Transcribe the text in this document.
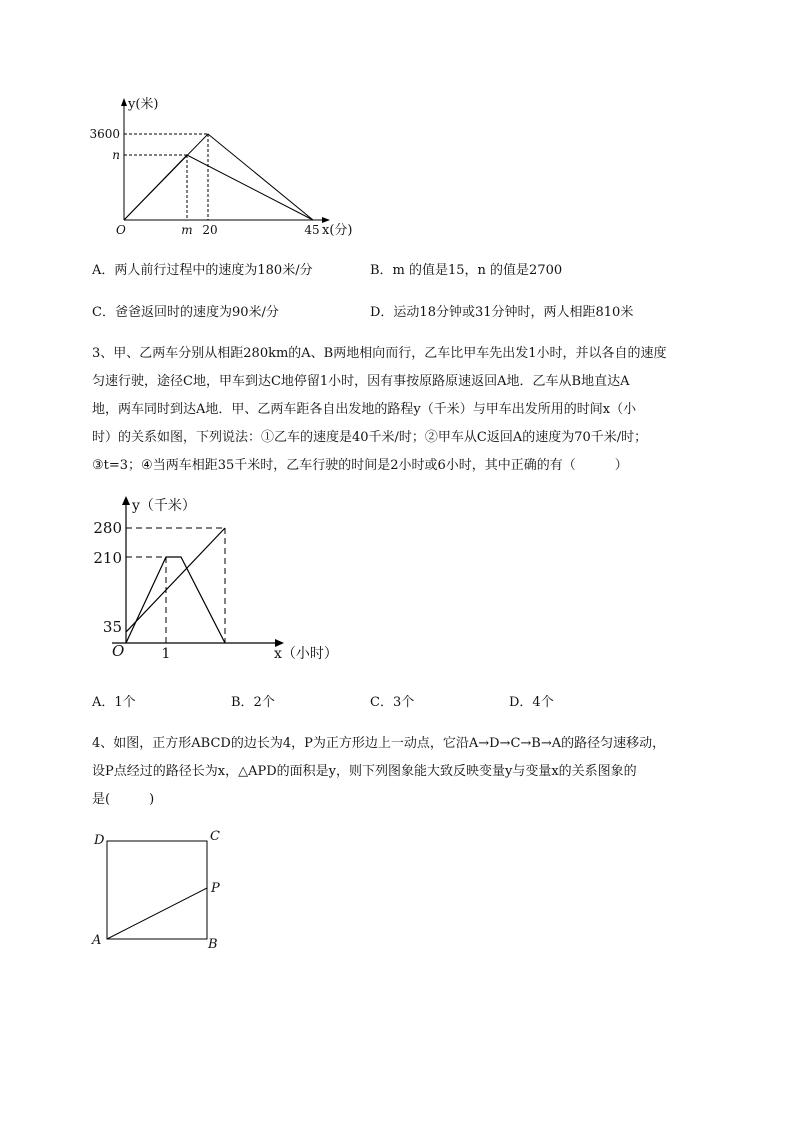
y(米)
3600
n
O	m 20	45 x(分)
A．两人前行过程中的速度为180米/分	B．m 的值是15，n 的值是2700
C．爸爸返回时的速度为90米/分	D．运动18分钟或31分钟时，两人相距810米

3、甲、乙两车分别从相距280km的A、B两地相向而行，乙车比甲车先出发1小时，并以各自的速度

匀速行驶，途径C地，甲车到达C地停留1小时，因有事按原路原速返回A地．乙车从B地直达A

地，两车同时到达A地．甲、乙两车距各自出发地的路程y（千米）与甲车出发所用的时间x（小

时）的关系如图，下列说法：①乙车的速度是40千米/时；②甲车从C返回A的速度为70千米/时；

③t=3；④当两车相距35千米时，乙车行驶的时间是2小时或6小时，其中正确的有（　　　）

y（千米）
280
210
35
O	1	x（小时）
A．1个	B．2个	C．3个	D．4个

4、如图，正方形ABCD的边长为4，P为正方形边上一动点，它沿A→D→C→B→A的路径匀速移动，

设P点经过的路径长为x，△APD的面积是y，则下列图象能大致反映变量y与变量x的关系图象的

是(　　　)

D	C
P
A	B
